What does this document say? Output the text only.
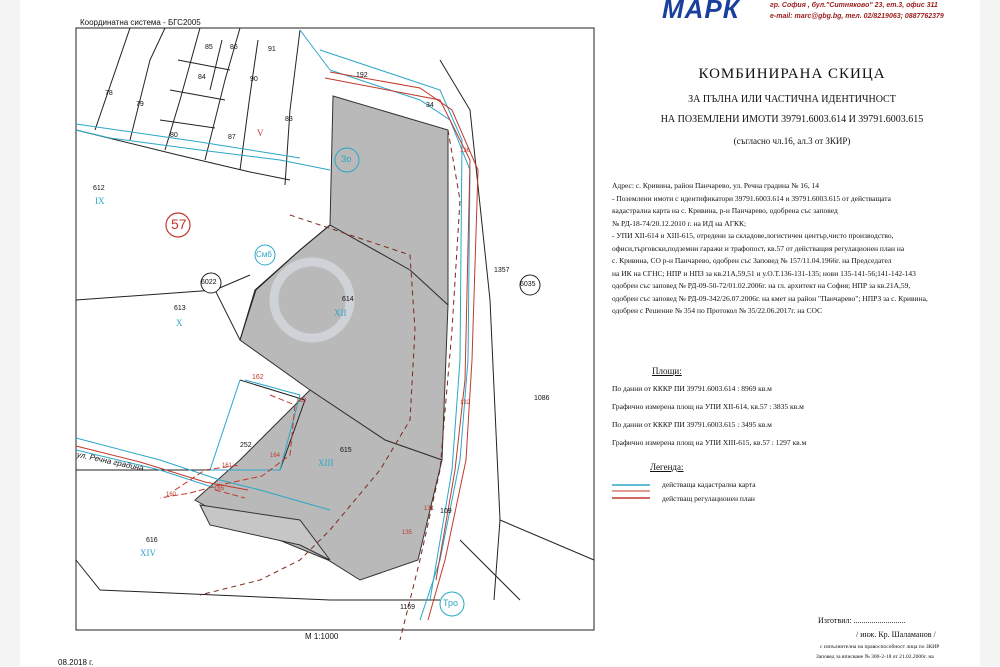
МАРК	гр. София , бул."Ситняково" 23, ет.3, офис 311
e-mail: marc@gbg.bg, тел. 02/8219063; 0887762379
Координатна система - БГС2005
57
Зо
Смб
Тро
6022	6035
612
IX
613
X
614
XII
615
XIII
616
XIV
V
85 86	91
84	90
78
79
80	87
83
192
34
1357
1086
1169
109
162
252
163
164
165
161
160
136
132
131
135
ул. Речна градина
М 1:1000
08.2018 г.
КОМБИНИРАНА СКИЦА
ЗА ПЪЛНА ИЛИ ЧАСТИЧНА ИДЕНТИЧНОСТ
НА ПОЗЕМЛЕНИ ИМОТИ 39791.6003.614 И 39791.6003.615
(съгласно чл.16, ал.3 от ЗКИР)
Адрес: с. Кривина, район Панчарево, ул. Речна градина № 16, 14
- Поземлени имоти с идентификатори 39791.6003.614 и 39791.6003.615 от действащата
кадастрална карта на с. Кривина, р-н Панчарево, одобрена със заповед
№ РД-18-74/20.12.2010 г. на ИД на АГКК;
- УПИ XII-614 и XIII-615, отредени за складове,логистичен център,чисто производство,
офиси,търговски,подземни гаражи и трафопост, кв.57 от действащия регулационен план на
с. Кривина, СО р-н Панчарево, одобрен със Заповед № 157/11.04.1966г. на Председател
на ИК на СГНС; НПР и НПЗ за кв.21А,59,51 и у.О.Т.136-131-135; нови 135-141-56;141-142-143
одобрен със заповед № РД-09-50-72/01.02.2006г. на гл. архитект на София; НПР за кв.21А,59,
одобрен със заповед № РД-09-342/26.07.2006г. на кмет на район "Панчарево"; НПРЗ за с. Кривина,
одобрен с Решение № 354 по Протокол № 35/22.06.2017г. на СОС
Площи:
По данни от КККР ПИ 39791.6003.614 : 8969 кв.м
Графично измерена площ на УПИ XII-614, кв.57 : 3835 кв.м
По данни от КККР ПИ 39791.6003.615 : 3495 кв.м
Графично измерена площ на УПИ XIII-615, кв.57 : 1297 кв.м
Легенда:
действаща кадастрална карта
действащ регулационен план
Изготвил: ..........................
/ инж. Кр. Шаламанов /
с изпълнителна на правоспособност лица по ЗКИР
Заповед за вписване № 300-2-18 от 21.02.2006г. на
